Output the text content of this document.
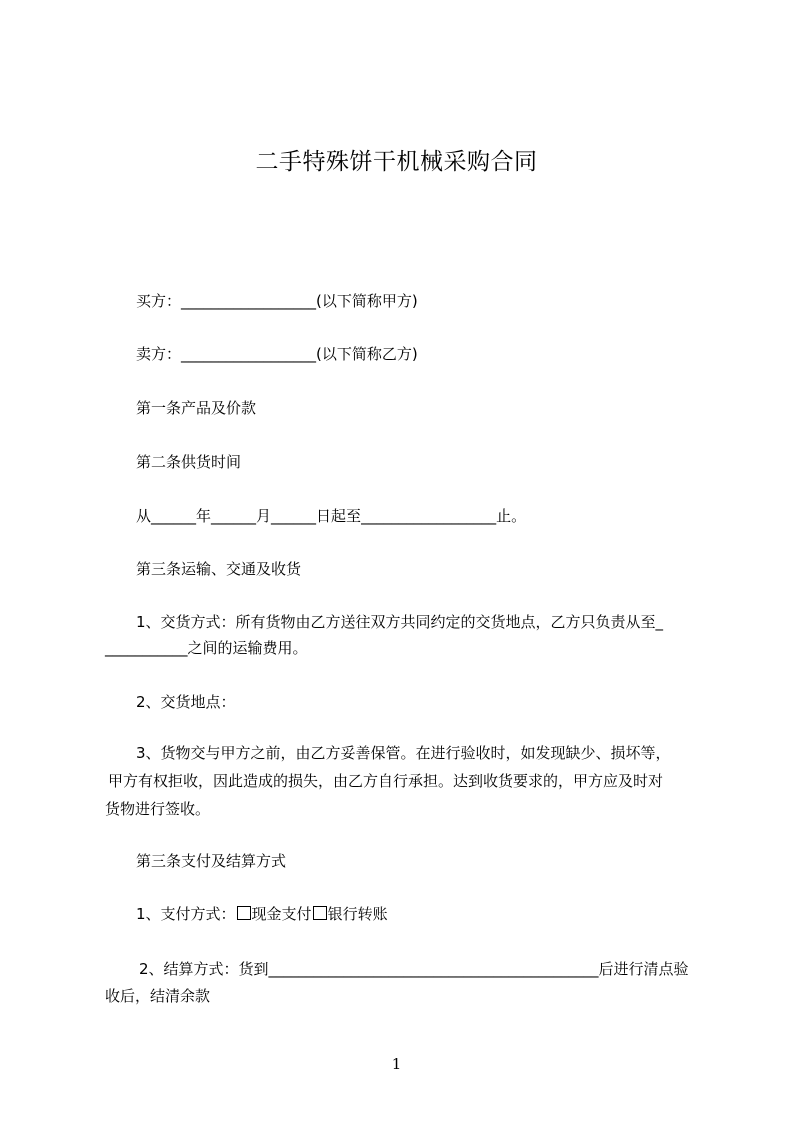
二手特殊饼干机械采购合同
买方：__________________(以下简称甲方)
卖方：__________________(以下简称乙方)
第一条产品及价款
第二条供货时间
从______年______月______日起至__________________止。
第三条运输、交通及收货
1、交货方式：所有货物由乙方送往双方共同约定的交货地点，乙方只负责从至_
___________之间的运输费用。
2、交货地点：
3、货物交与甲方之前，由乙方妥善保管。在进行验收时，如发现缺少、损坏等，
甲方有权拒收，因此造成的损失，由乙方自行承担。达到收货要求的，甲方应及时对
货物进行签收。
第三条支付及结算方式
1、支付方式： 现金支付 银行转账
2、结算方式：货到____________________________________________后进行清点验
收后，结清余款
1
